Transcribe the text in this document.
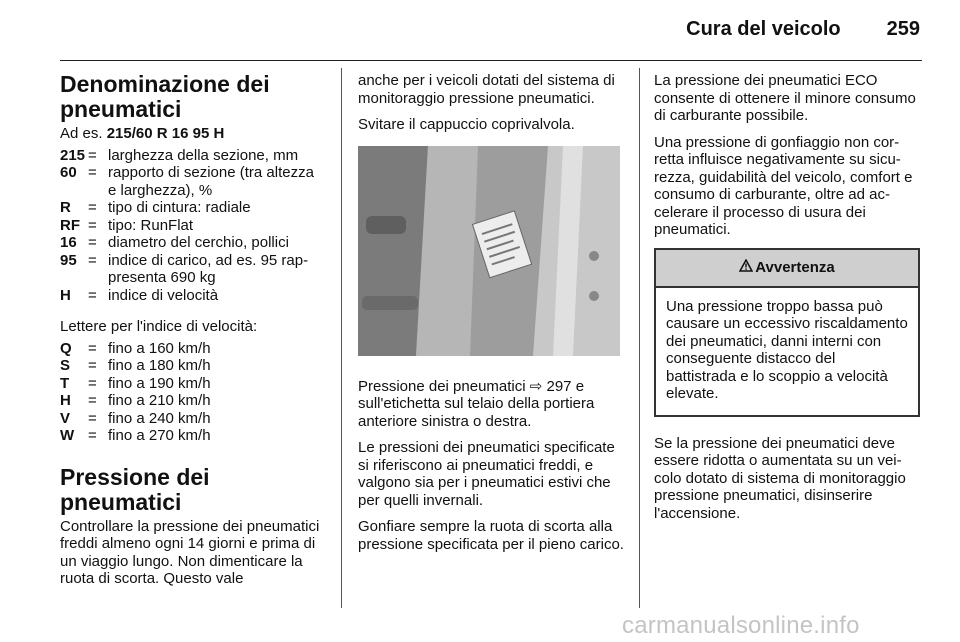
Cura del veicolo 259
Denominazione dei pneumatici
Ad es. 215/60 R 16 95 H
215 = larghezza della sezione, mm
60 = rapporto di sezione (tra altezza e larghezza), %
R	= tipo di cintura: radiale
RF = tipo: RunFlat
16 = diametro del cerchio, pollici
95 = indice di carico, ad es. 95 rappresenta 690 kg
H	= indice di velocità

Lettere per l'indice di velocità:

Q	= fino a 160 km/h
S	= fino a 180 km/h
T	= fino a 190 km/h
H	= fino a 210 km/h
V	= fino a 240 km/h
W = fino a 270 km/h
Pressione dei pneumatici

Controllare la pressione dei pneumatici freddi almeno ogni 14 giorni e prima di un viaggio lungo. Non dimenticare la ruota di scorta. Questo vale

anche per i veicoli dotati del sistema di monitoraggio pressione pneumatici.

Svitare il cappuccio coprivalvola.

Pressione dei pneumatici ⇨ 297 e sull'etichetta sul telaio della portiera anteriore sinistra o destra.

Le pressioni dei pneumatici specificate si riferiscono ai pneumatici freddi, e valgono sia per i pneumatici estivi che per quelli invernali.

Gonfiare sempre la ruota di scorta alla pressione specificata per il pieno carico.

La pressione dei pneumatici ECO consente di ottenere il minore consumo di carburante possibile.

Una pressione di gonfiaggio non corretta influisce negativamente su sicurezza, guidabilità del veicolo, comfort e consumo di carburante, oltre ad accelerare il processo di usura dei pneumatici.

Avvertenza
Una pressione troppo bassa può causare un eccessivo riscaldamento dei pneumatici, danni interni con conseguente distacco del battistrada e lo scoppio a velocità elevate.

Se la pressione dei pneumatici deve essere ridotta o aumentata su un veicolo dotato di sistema di monitoraggio pressione pneumatici, disinserire l'accensione.

carmanualsonline.info
